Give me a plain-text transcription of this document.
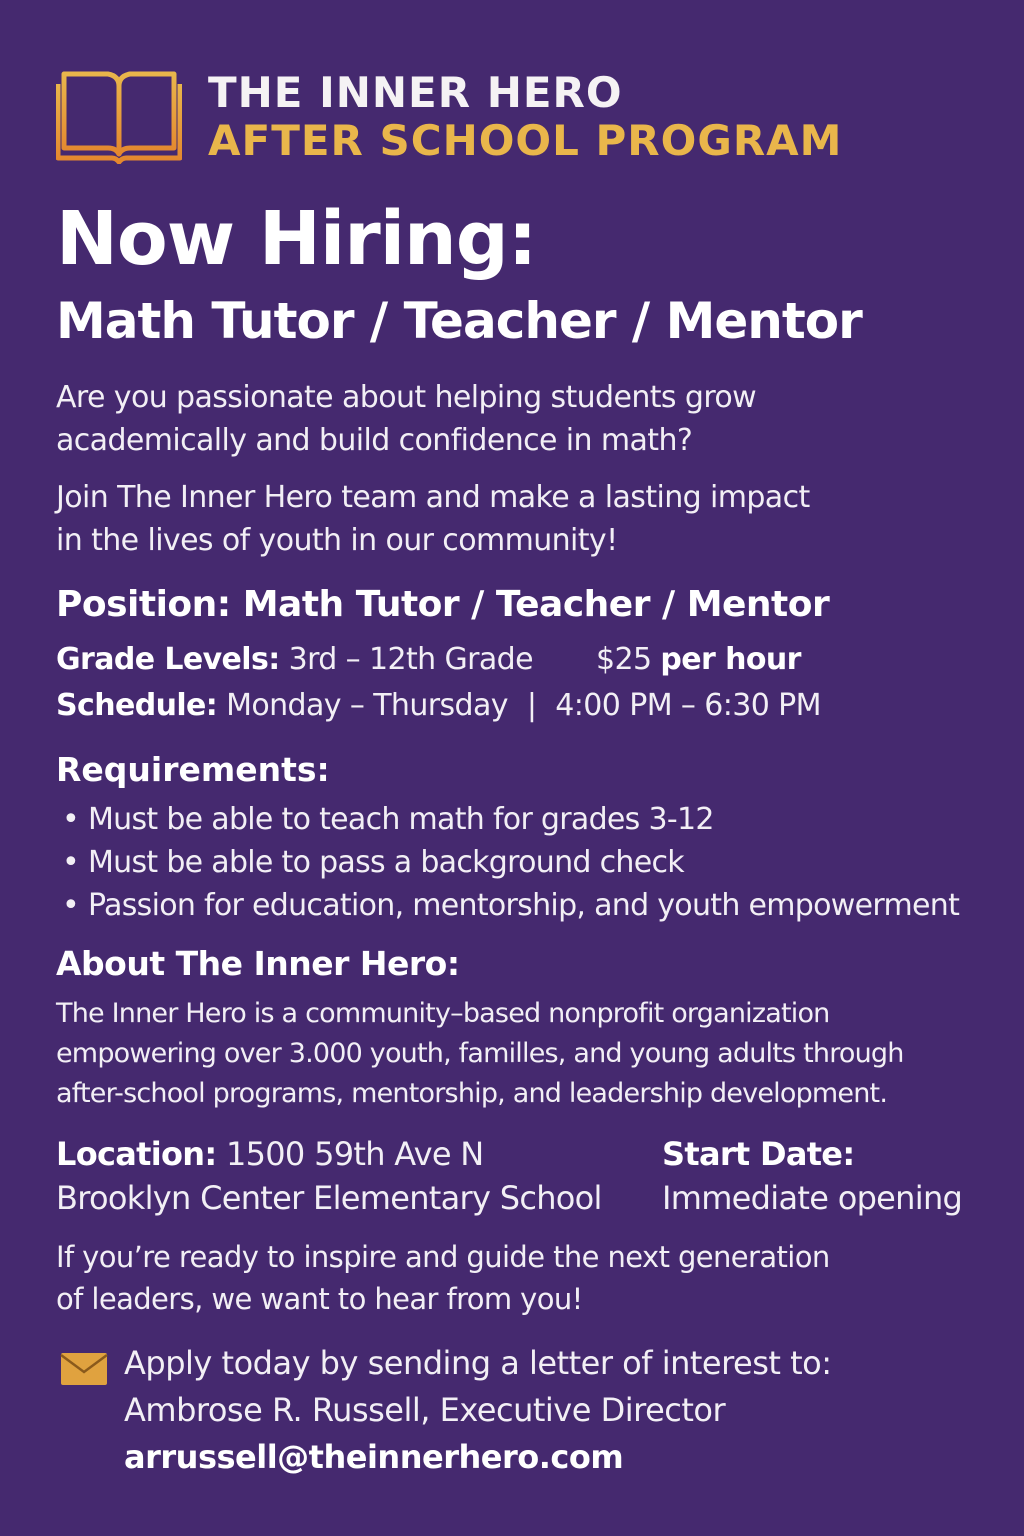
THE INNER HERO
AFTER SCHOOL PROGRAM
Now Hiring:
Math Tutor / Teacher / Mentor
Are you passionate about helping students grow
academically and build confidence in math?
Join The Inner Hero team and make a lasting impact
in the lives of youth in our community!
Position: Math Tutor / Teacher / Mentor
Grade Levels: 3rd – 12th Grade $25 per hour
Schedule: Monday – Thursday | 4:00 PM – 6:30 PM
Requirements:
• Must be able to teach math for grades 3-12
• Must be able to pass a background check
• Passion for education, mentorship, and youth empowerment
About The Inner Hero:
The Inner Hero is a community–based nonprofit organization
empowering over 3.000 youth, familles, and young adults through
after-school programs, mentorship, and leadership development.
Location: 1500 59th Ave N
Brooklyn Center Elementary School
Start Date:
Immediate opening
If you’re ready to inspire and guide the next generation
of leaders, we want to hear from you!
Apply today by sending a letter of interest to:
Ambrose R. Russell, Executive Director
arrussell@theinnerhero.com
